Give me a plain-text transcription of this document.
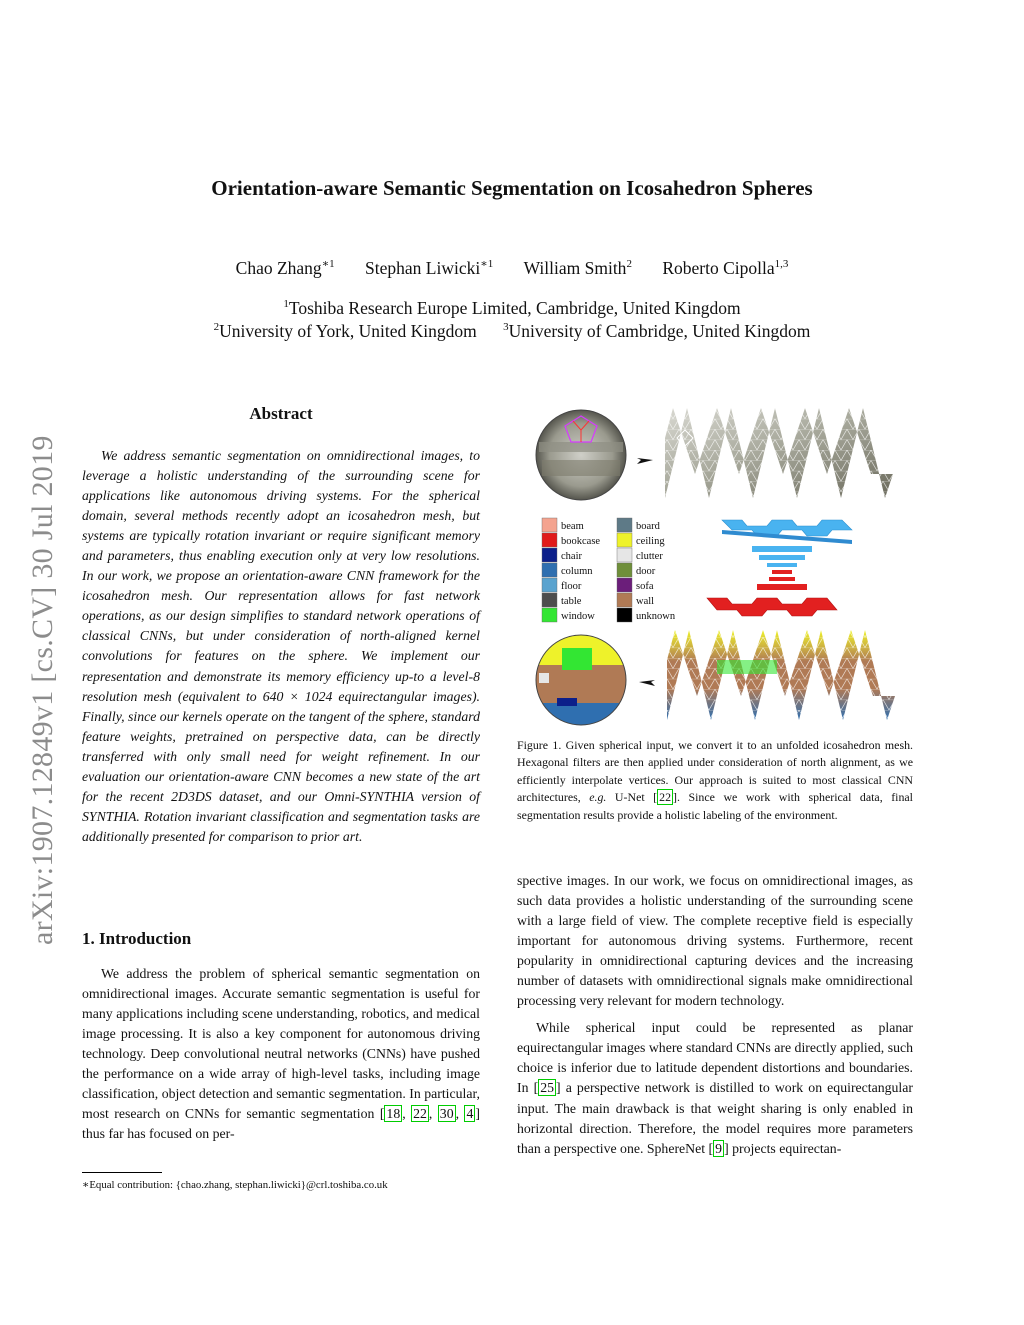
Orientation-aware Semantic Segmentation on Icosahedron Spheres
Chao Zhang$^{∗1}$ Stephan Liwicki$^{∗1}$ William Smith$^2$ Roberto Cipolla$^{1,3}$
$^1$Toshiba Research Europe Limited, Cambridge, United Kingdom
$^2$University of York, United Kingdom $^3$University of Cambridge, United Kingdom
arXiv:1907.12849v1 [cs.CV] 30 Jul 2019
Abstract
We address semantic segmentation on omnidirectional images, to leverage a holistic understanding of the surrounding scene for applications like autonomous driving systems. For the spherical domain, several methods recently adopt an icosahedron mesh, but systems are typically rotation invariant or require significant memory and parameters, thus enabling execution only at very low resolutions. In our work, we propose an orientation-aware CNN framework for the icosahedron mesh. Our representation allows for fast network operations, as our design simplifies to standard network operations of classical CNNs, but under consideration of north-aligned kernel convolutions for features on the sphere. We implement our representation and demonstrate its memory efficiency up-to a level-8 resolution mesh (equivalent to 640 × 1024 equirectangular images). Finally, since our kernels operate on the tangent of the sphere, standard feature weights, pretrained on perspective data, can be directly transferred with only small need for weight refinement. In our evaluation our orientation-aware CNN becomes a new state of the art for the recent 2D3DS dataset, and our Omni-SYNTHIA version of SYNTHIA. Rotation invariant classification and segmentation tasks are additionally presented for comparison to prior art.
1. Introduction
We address the problem of spherical semantic segmentation on omnidirectional images. Accurate semantic segmentation is useful for many applications including scene understanding, robotics, and medical image processing. It is also a key component for autonomous driving technology. Deep convolutional neutral networks (CNNs) have pushed the performance on a wide array of high-level tasks, including image classification, object detection and semantic segmentation. In particular, most research on CNNs for semantic segmentation [ 18 , 22 , 30 , 4 ] thus far has focused on per-
∗Equal contribution: {chao.zhang, stephan.liwicki}@crl.toshiba.co.uk
beam	board
bookcase	ceiling
chair	clutter
column	door
floor	sofa
table	wall
window	unknown
Figure 1. Given spherical input, we convert it to an unfolded icosahedron mesh. Hexagonal filters are then applied under consideration of north alignment, as we efficiently interpolate vertices. Our approach is suited to most classical CNN architectures, e.g. U-Net [ 22 ]. Since we work with spherical data, final segmentation results provide a holistic labeling of the environment.

spective images. In our work, we focus on omnidirectional images, as such data provides a holistic understanding of the surrounding scene with a large field of view. The complete receptive field is especially important for autonomous driving systems. Furthermore, recent popularity in omnidirectional capturing devices and the increasing number of datasets with omnidirectional signals make omnidirectional processing very relevant for modern technology.

While spherical input could be represented as planar equirectangular images where standard CNNs are directly applied, such choice is inferior due to latitude dependent distortions and boundaries. In [ 25 ] a perspective network is distilled to work on equirectangular input. The main drawback is that weight sharing is only enabled in horizontal direction. Therefore, the model requires more parameters than a perspective one. SphereNet [ 9 ] projects equirectan-
